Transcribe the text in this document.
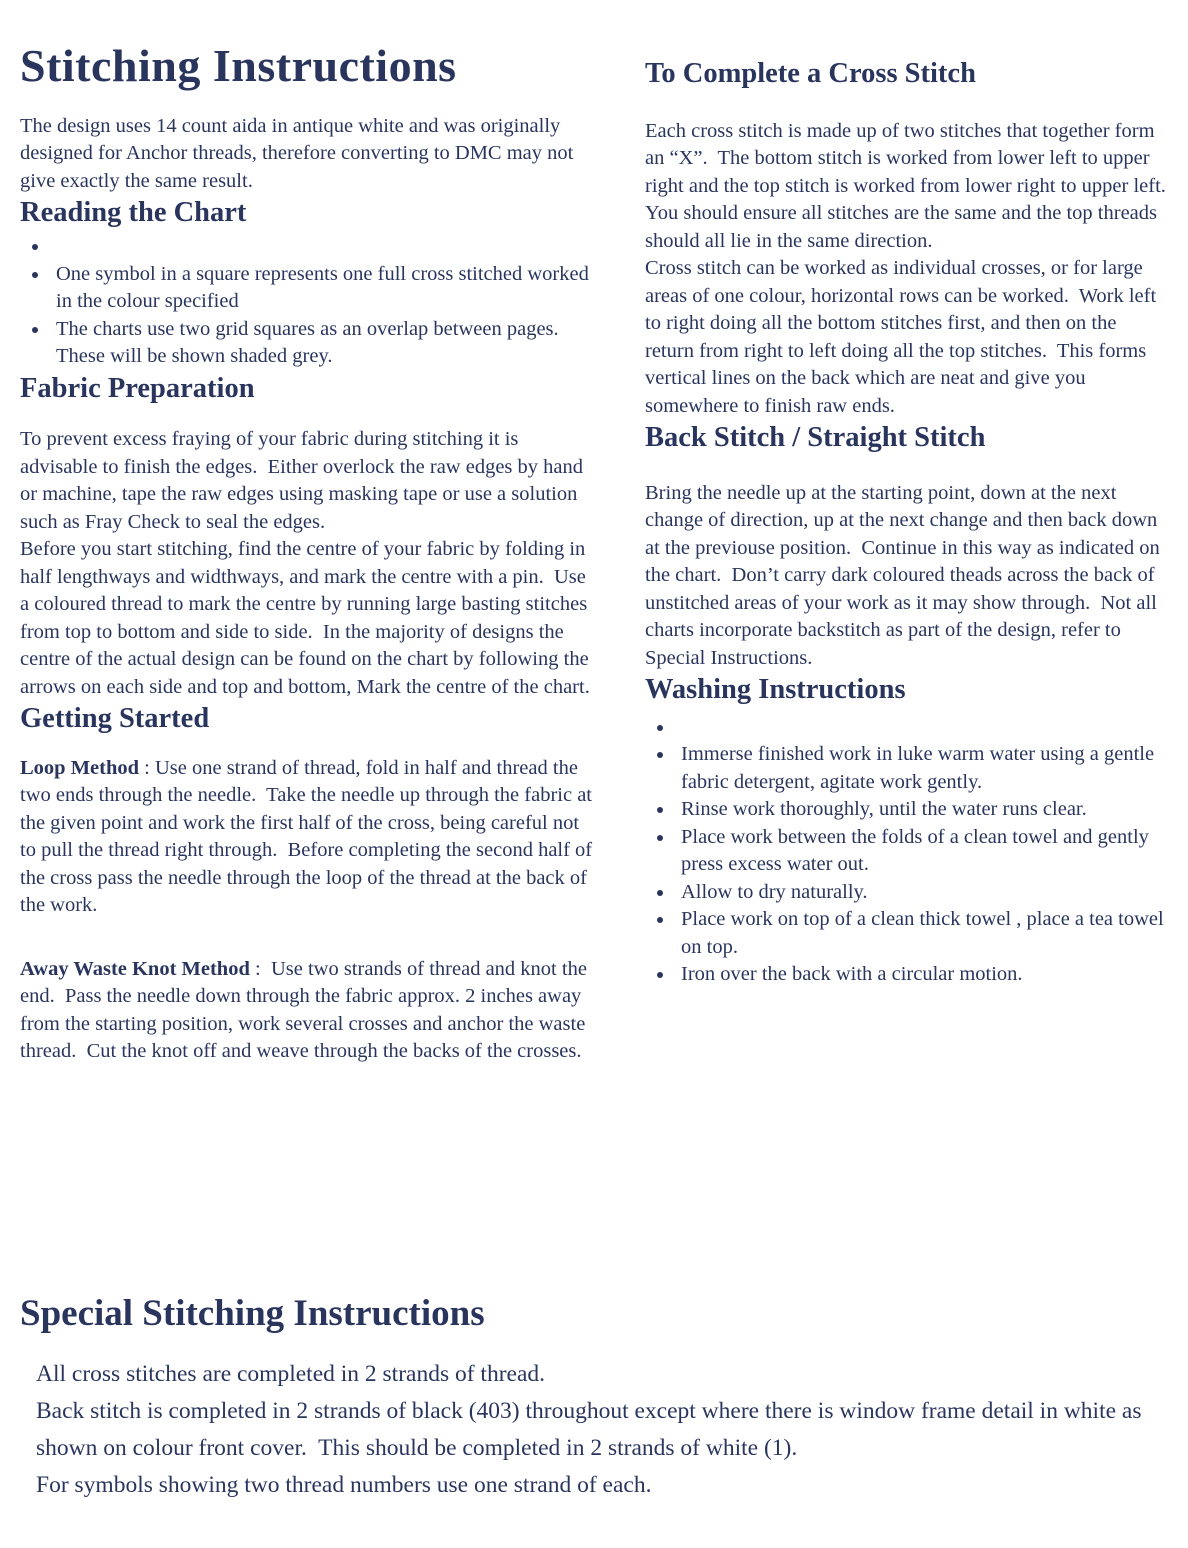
Stitching Instructions

The design uses 14 count aida in antique white and was originally designed for Anchor threads, therefore converting to DMC may not give exactly the same result.

Reading the Chart
•
• One symbol in a square represents one full cross stitched worked in the colour specified
• The charts use two grid squares as an overlap between pages.  These will be shown shaded grey.
Fabric Preparation

To prevent excess fraying of your fabric during stitching it is advisable to finish the edges.  Either overlock the raw edges by hand or machine, tape the raw edges using masking tape or use a solution such as Fray Check to seal the edges.

Before you start stitching, find the centre of your fabric by folding in half lengthways and widthways, and mark the centre with a pin.  Use a coloured thread to mark the centre by running large basting stitches from top to bottom and side to side.  In the majority of designs the centre of the actual design can be found on the chart by following the arrows on each side and top and bottom, Mark the centre of the chart.

Getting Started

Loop Method : Use one strand of thread, fold in half and thread the two ends through the needle.  Take the needle up through the fabric at the given point and work the first half of the cross, being careful not to pull the thread right through.  Before completing the second half of the cross pass the needle through the loop of the thread at the back of the work.

Away Waste Knot Method :  Use two strands of thread and knot the end.  Pass the needle down through the fabric approx. 2 inches away from the starting position, work several crosses and anchor the waste thread.  Cut the knot off and weave through the backs of the crosses.

To Complete a Cross Stitch

Each cross stitch is made up of two stitches that together form an “X”.  The bottom stitch is worked from lower left to upper right and the top stitch is worked from lower right to upper left.  You should ensure all stitches are the same and the top threads should all lie in the same direction.

Cross stitch can be worked as individual crosses, or for large areas of one colour, horizontal rows can be worked.  Work left to right doing all the bottom stitches first, and then on the return from right to left doing all the top stitches.  This forms vertical lines on the back which are neat and give you somewhere to finish raw ends.

Back Stitch / Straight Stitch

Bring the needle up at the starting point, down at the next change of direction, up at the next change and then back down at the previouse position.  Continue in this way as indicated on the chart.  Don’t carry dark coloured theads across the back of unstitched areas of your work as it may show through.  Not all charts incorporate backstitch as part of the design, refer to Special Instructions.

Washing Instructions
•
• Immerse finished work in luke warm water using a gentle fabric detergent, agitate work gently.
• Rinse work thoroughly, until the water runs clear.
• Place work between the folds of a clean towel and gently press excess water out.
• Allow to dry naturally.
• Place work on top of a clean thick towel , place a tea towel on top.
• Iron over the back with a circular motion.
Special Stitching Instructions

All cross stitches are completed in 2 strands of thread.

Back stitch is completed in 2 strands of black (403) throughout except where there is window frame detail in white as shown on colour front cover.  This should be completed in 2 strands of white (1).

For symbols showing two thread numbers use one strand of each.
